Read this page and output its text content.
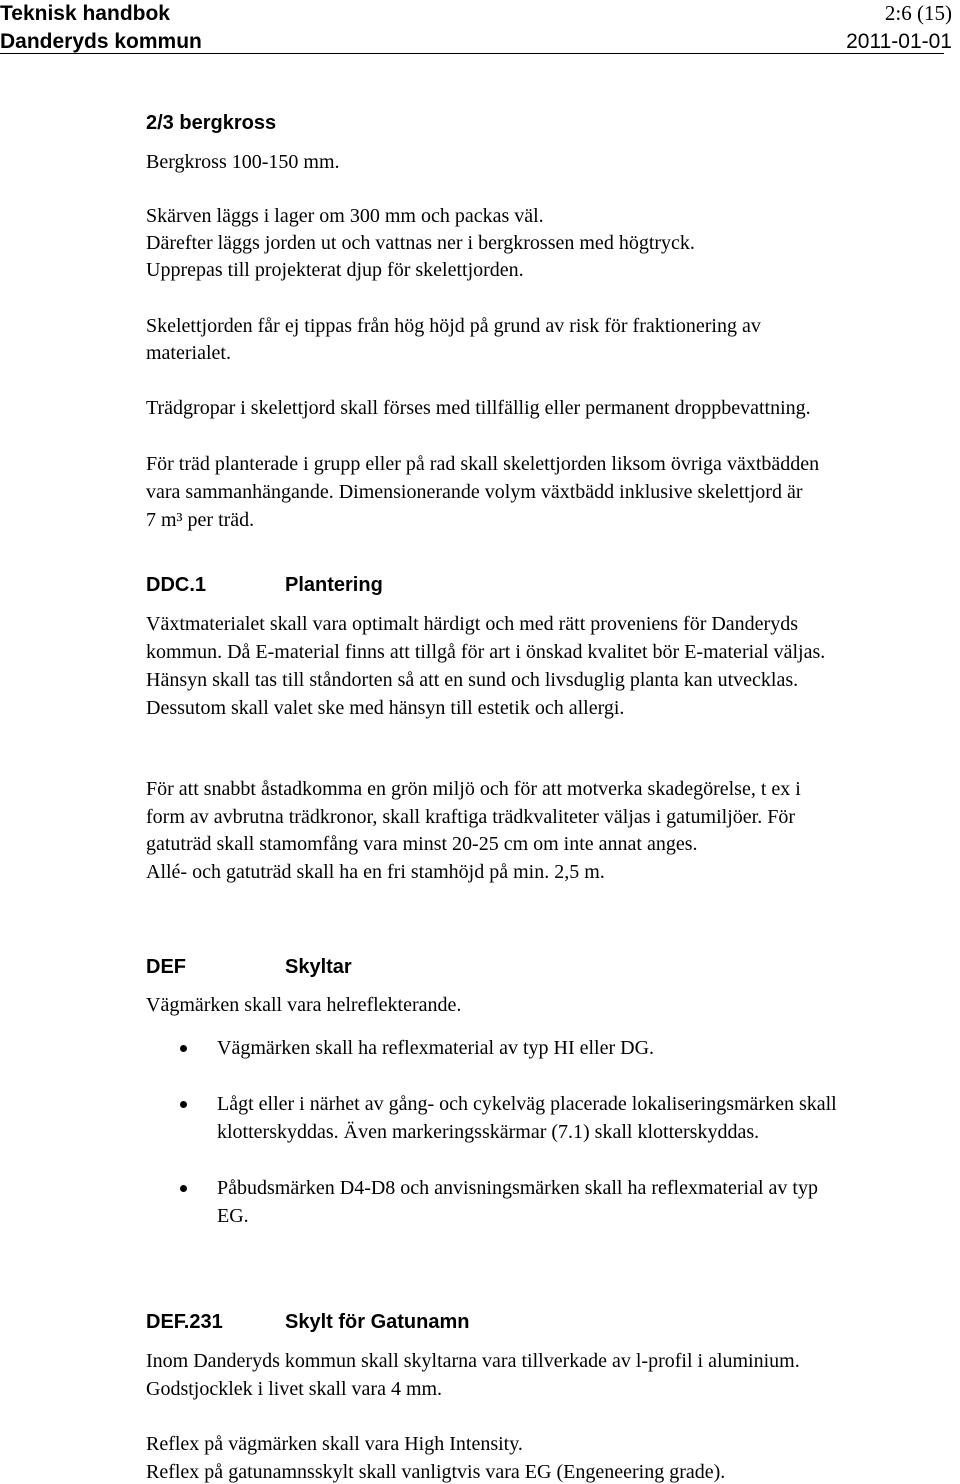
Teknisk handbok
Danderyds kommun
2:6 (15)
2011-01-01
2/3 bergkross
Bergkross 100-150 mm.
Skärven läggs i lager om 300 mm och packas väl.
Därefter läggs jorden ut och vattnas ner i bergkrossen med högtryck.
Upprepas till projekterat djup för skelettjorden.
Skelettjorden får ej tippas från hög höjd på grund av risk för fraktionering av
materialet.
Trädgropar i skelettjord skall förses med tillfällig eller permanent droppbevattning.
För träd planterade i grupp eller på rad skall skelettjorden liksom övriga växtbädden
vara sammanhängande. Dimensionerande volym växtbädd inklusive skelettjord är
7 m³ per träd.
DDC.1	Plantering
Växtmaterialet skall vara optimalt härdigt och med rätt proveniens för Danderyds
kommun. Då E-material finns att tillgå för art i önskad kvalitet bör E-material väljas.
Hänsyn skall tas till ståndorten så att en sund och livsduglig planta kan utvecklas.
Dessutom skall valet ske med hänsyn till estetik och allergi.
För att snabbt åstadkomma en grön miljö och för att motverka skadegörelse, t ex i
form av avbrutna trädkronor, skall kraftiga trädkvaliteter väljas i gatumiljöer. För
gatuträd skall stamomfång vara minst 20-25 cm om inte annat anges.
Allé- och gatuträd skall ha en fri stamhöjd på min. 2,5 m.
DEF	Skyltar
Vägmärken skall vara helreflekterande.
Vägmärken skall ha reflexmaterial av typ HI eller DG.
Lågt eller i närhet av gång- och cykelväg placerade lokaliseringsmärken skall
klotterskyddas. Även markeringsskärmar (7.1) skall klotterskyddas.
Påbudsmärken D4-D8 och anvisningsmärken skall ha reflexmaterial av typ
EG.
DEF.231	Skylt för Gatunamn
Inom Danderyds kommun skall skyltarna vara tillverkade av l-profil i aluminium.
Godstjocklek i livet skall vara 4 mm.
Reflex på vägmärken skall vara High Intensity.
Reflex på gatunamnsskylt skall vanligtvis vara EG (Engeneering grade).
